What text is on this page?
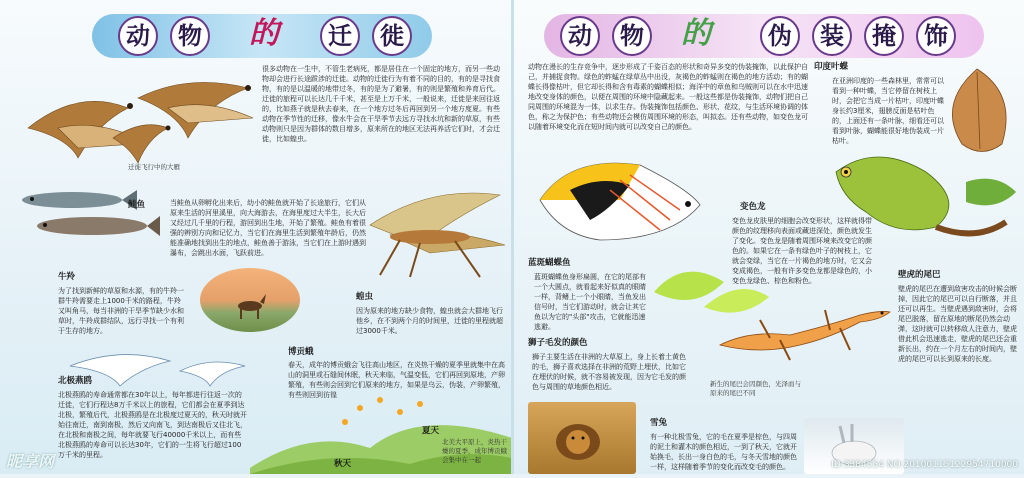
动	物 的	迁	徙
迁徙飞行中的大雁
很多动物在一生中，不管生老病死，都是居住在一个固定的地方，而另一些动物却会进行长途跋涉的迁徙。动物的迁徙行为有着不同的目的，有的是寻找食物，有的是以温暖的地带过冬，有的是为了避暑，有的则是繁殖和养育后代。迁徙的旅程可以长达几千千米，甚至是上万千米，一般说来，迁徙是来回往返的，比如燕子就是秋去春来，在一个地方过冬后再回到另一个地方度夏。有些动物在季节性的迁移，像水牛会在干旱季节去远方寻找水坑和新的草原，有些动物则只是因为群体的数目增多，原来所在的地区无法再养活它们时，才会迁徙，比如蝗虫。
鲑鱼	当鲑鱼从卵孵化出来后，幼小的鲑鱼就开始了长途旅行，它们从原来生活的河里溪里，向大海游去，在海里度过大半生，长大后又经过几千里的行程，游回到出生地，开始了繁殖。鲑鱼有着很强的辨别方向和记忆力，当它们在海里生活到繁殖年龄后，仍然能准确地找到出生的地点，鲑鱼善于游泳，当它们在上游时遇到瀑布，会跳出水面，飞跃前进。
牛羚
为了找到新鲜的草原和水源，有的牛羚一群牛羚需要走上1000千米的路程，牛羚又叫角马，每当非洲的干旱季节缺少水和草时，牛羚成群结队，远行寻找一个有利于生存的地方。
蝗虫
因为原来的地方缺少食物，蝗虫就会大群地飞行他乡，在不到两个月的时间里，迁徙的里程就超过3000千米。
博贡蛾
春天，成年的博贡蛾会飞往高山地区，在炎热干燥的夏季里就集中在高山的洞里或石缝间休眠，秋天来临，气温变低，它们再回到原地，产卵繁殖，有些则会回到它们原来的地方，如果是乌云，伪装，产卵繁殖，有些则回到彷徨
北极燕鸥
北极燕鸥的寿命通常都在30年以上，每年都进行往返一次的迁徙，它们行程达8万千米以上的旅程，它们都会在夏季到达北极，繁殖后代，北极燕鸥是在北极度过夏天的，秋天时就开始往南迁，南到南极，然后又向南飞，到达南极后又往北飞，在北极和南极之间，每年就要飞行40000千米以上，而有些北极燕鸥的寿命可以长达30年，它们的一生将飞行超过100万千米的里程。
夏天
北美大平原上，炎热干燥的夏季，成年博贡蛾会集中在一起
秋天
昵享网
动	物 的	伪	装	掩	饰
动物在漫长的生存竞争中，逐步形成了千姿百态的形状和奇异多变的伪装掩饰，以此保护自己，并捕捉食物。绿色的蚱蜢在绿草丛中出没，灰褐色的蚱蜢则在褐色的地方活动；有的蝴蝶长得像枯叶，但它却长得和含有毒素的蝴蝶相似；海洋中的章鱼和乌贼则可以在水中迅速地改变身体的颜色，以便在周围的环境中隐藏起来。一般这些都是伪装掩饰，动物们把自己同周围的环境混为一体，以求生存。伪装掩饰包括颜色、形状、花纹，与生活环境协调的体色，称之为保护色；有些动物还会模仿周围环境的形态，叫拟态。还有些动物，如变色龙可以随着环境变化而在短时间内就可以改变自己的颜色。
印度叶蝶
在亚洲印度的一些森林里，常常可以看到一种叶蝶，当它停留在树枝上时，会把它当成一片枯叶，印度叶蝶身长约3厘米，翅膀反面是枯叶色的，上面还有一条叶脉，细看还可以看到叶脉，蝴蝶能很好地伪装成一片枯叶。
变色龙
变色龙皮肤里的细胞会改变形状，这样就得带颜色的纹理移向表面或藏进深处，颜色就发生了变化。变色龙是随着周围环境来改变它的颜色的。如果它在一条有绿色叶子的树枝上，它就会变绿，当它在一片褐色的地方时，它又会变成褐色，一般有许多变色龙都是绿色的，小变色龙绿色、棕色和粉色。
蓝斑蝴蝶鱼
蓝斑蝴蝶鱼身形扁圆，在它的尾部有一个大圆点，就看起来好似真的眼睛一样，背鳍上一个小眼睛，当鱼发出信号时，当它们游动时，就会让其它鱼以为它的"头部"攻击，它就能迅速逃避。
壁虎的尾巴
壁虎的尾巴在遭到敌害攻击的时候会断掉，因此它的尾巴可以自行断落，并且还可以再生。当壁虎遇到敌害时，会将尾巴脱落，留在原地的断尾仍然会动弹，这时就可以转移敌人注意力，壁虎借此机会迅速逃走，壁虎的尾巴还会重新长出，约在一个月左右的时间内，壁虎的尾巴可以长到原来的长度。
新生的尾巴会因颜色，光泽而与原来的尾巴不同
狮子毛发的颜色
狮子主要生活在非洲的大草原上，身上长着土黄色的毛，狮子喜欢选择在非洲的荒野上埋伏，比如它在埋伏的时候，就不容易被发现，因为它毛发的颜色与周围的草地颜色相近。
雪兔
有一种北极雪兔，它的毛在夏季是棕色，与四周的泥土和灌木的颜色相近，一到了秋天，它就开始换毛，长出一身白色的毛，与冬天雪地的颜色一样，这样随着季节的变化而改变毛的颜色。	ID:3384554 NO:20100115122954710000
